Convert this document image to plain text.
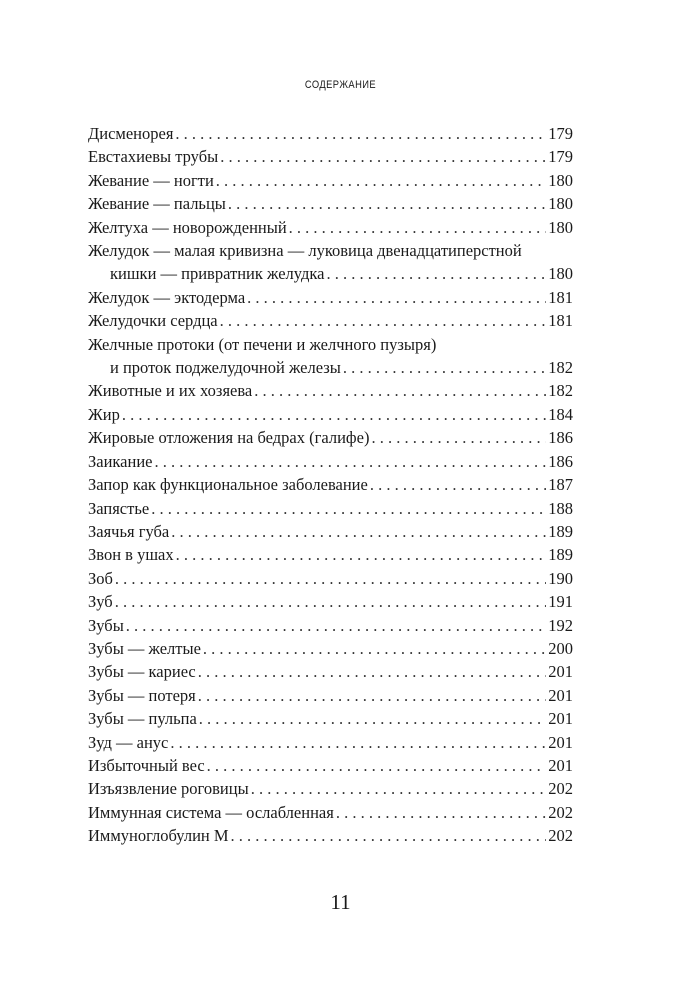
СОДЕРЖАНИЕ
Дисменорея . . .	179
Евстахиевы трубы . . .	179
Жевание — ногти . . .	180
Жевание — пальцы . . .	180
Желтуха — новорожденный . . .	180
Желудок — малая кривизна — луковица двенадцатиперстной
кишки — привратник желудка . . .	180
Желудок — эктодерма . . .	181
Желудочки сердца . . .	181
Желчные протоки (от печени и желчного пузыря)
и проток поджелудочной железы . . .	182
Животные и их хозяева . . .	182
Жир . . .	184
Жировые отложения на бедрах (галифе) . . .	186
Заикание . . .	186
Запор как функциональное заболевание . . .	187
Запястье . . .	188
Заячья губа . . .	189
Звон в ушах . . .	189
Зоб . . .	190
Зуб . . .	191
Зубы . . .	192
Зубы — желтые . . .	200
Зубы — кариес . . .	201
Зубы — потеря . . .	201
Зубы — пульпа . . .	201
Зуд — анус . . .	201
Избыточный вес . . .	201
Изъязвление роговицы . . .	202
Иммунная система — ослабленная . . .	202
Иммуноглобулин M . . .	202
11
